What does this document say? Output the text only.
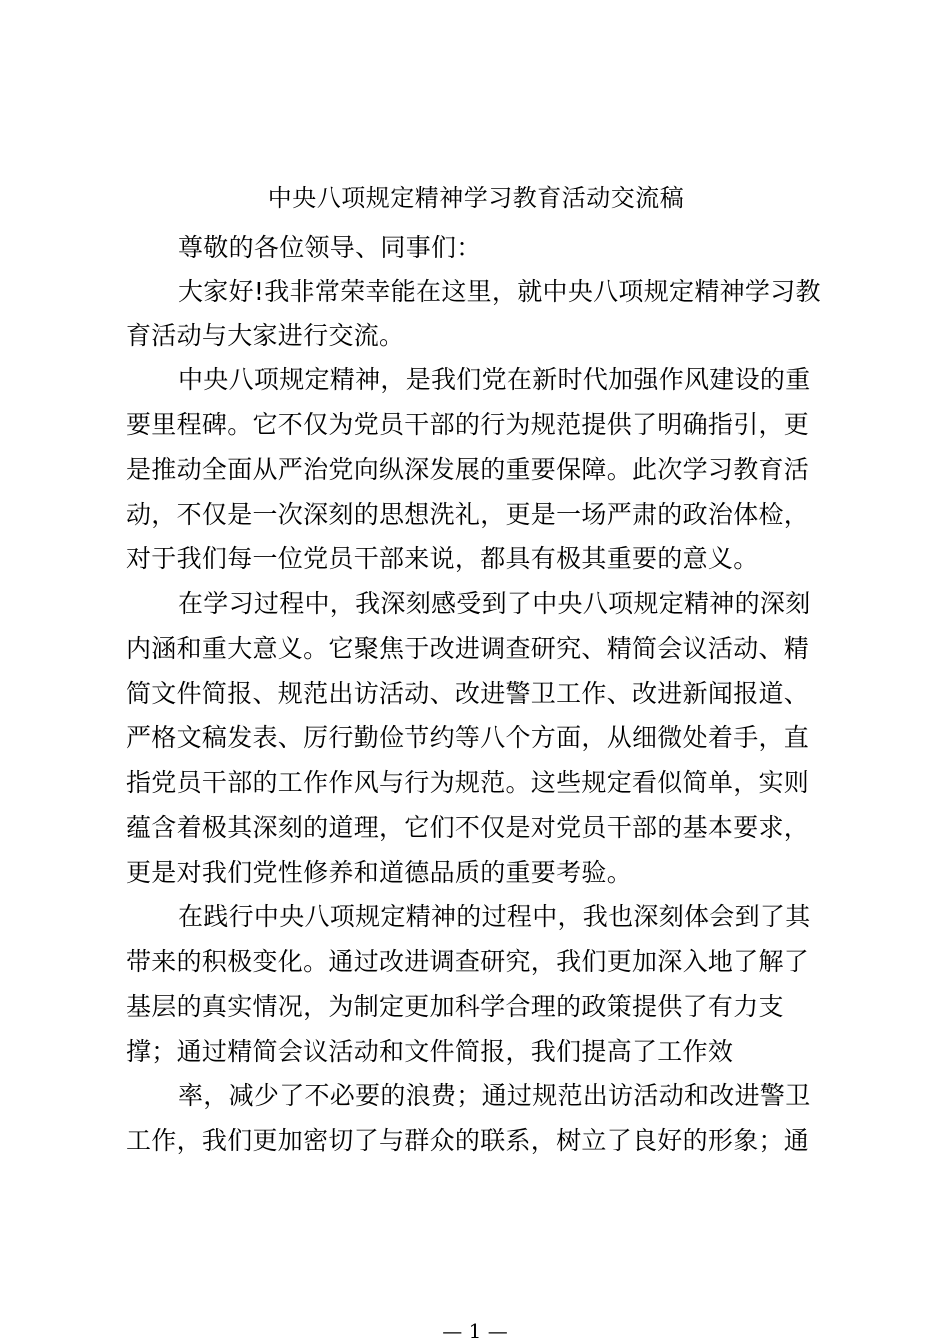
中央八项规定精神学习教育活动交流稿
尊敬的各位领导、同事们：
大家好!我非常荣幸能在这里，就中央八项规定精神学习教
育活动与大家进行交流。
中央八项规定精神，是我们党在新时代加强作风建设的重
要里程碑。它不仅为党员干部的行为规范提供了明确指引，更
是推动全面从严治党向纵深发展的重要保障。此次学习教育活
动，不仅是一次深刻的思想洗礼，更是一场严肃的政治体检，
对于我们每一位党员干部来说，都具有极其重要的意义。
在学习过程中，我深刻感受到了中央八项规定精神的深刻
内涵和重大意义。它聚焦于改进调查研究、精简会议活动、精
简文件简报、规范出访活动、改进警卫工作、改进新闻报道、
严格文稿发表、厉行勤俭节约等八个方面，从细微处着手，直
指党员干部的工作作风与行为规范。这些规定看似简单，实则
蕴含着极其深刻的道理，它们不仅是对党员干部的基本要求，
更是对我们党性修养和道德品质的重要考验。
在践行中央八项规定精神的过程中，我也深刻体会到了其
带来的积极变化。通过改进调查研究，我们更加深入地了解了
基层的真实情况，为制定更加科学合理的政策提供了有力支
撑；通过精简会议活动和文件简报，我们提高了工作效
率，减少了不必要的浪费；通过规范出访活动和改进警卫
工作，我们更加密切了与群众的联系，树立了良好的形象；通
— 1 —
